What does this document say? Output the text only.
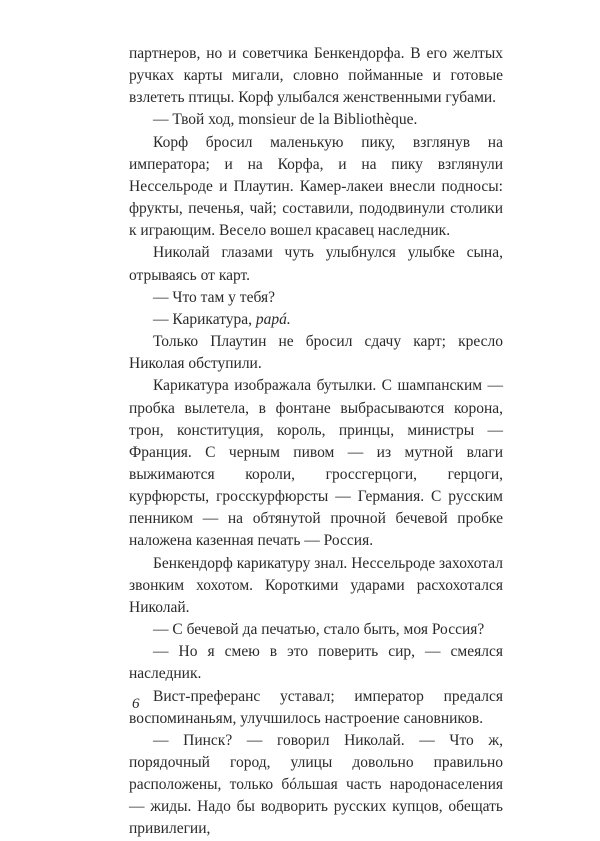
партнеров, но и советчика Бенкендорфа. В его желтых ручках карты мигали, словно пойманные и готовые взлететь птицы. Корф улыбался женственными губами.

— Твой ход, monsieur de la Bibliothèque.

Корф бросил маленькую пику, взглянув на императора; и на Корфа, и на пику взглянули Нессельроде и Плаутин. Камер-лакеи внесли подносы: фрукты, печенья, чай; составили, пододвинули столики к играющим. Весело вошел красавец наследник.

Николай глазами чуть улыбнулся улыбке сына, отрываясь от карт.

— Что там у тебя?

— Карикатура, papá.

Только Плаутин не бросил сдачу карт; кресло Николая обступили.

Карикатура изображала бутылки. С шампанским — пробка вылетела, в фонтане выбрасываются корона, трон, конституция, король, принцы, министры — Франция. С черным пивом — из мутной влаги выжимаются короли, гроссгерцоги, герцоги, курфюрсты, гросскурфюрсты — Германия. С русским пенником — на обтянутой прочной бечевой пробке наложена казенная печать — Россия.

Бенкендорф карикатуру знал. Нессельроде захохотал звонким хохотом. Короткими ударами расхохотался Николай.

— С бечевой да печатью, стало быть, моя Россия?

— Но я смею в это поверить сир, — смеялся наследник.

Вист-преферанс уставал; император предался воспоминаньям, улучшилось настроение сановников.

— Пинск? — говорил Николай. — Что ж, порядочный город, улицы довольно правильно расположены, только бóльшая часть народонаселения — жиды. Надо бы водворить русских купцов, обещать привилегии,

6
